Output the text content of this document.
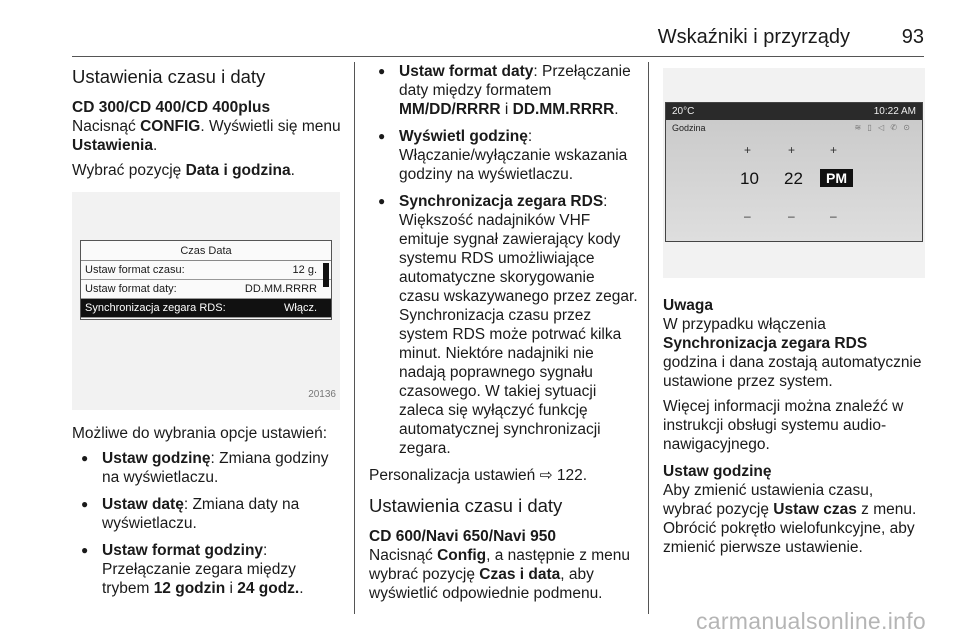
Wskaźniki i przyrządy	93
Ustawienia czasu i daty
CD 300/CD 400/CD 400plus

Nacisnąć CONFIG. Wyświetli się menu Ustawienia.

Wybrać pozycję Data i godzina.

Czas Data
Ustaw format czasu:	12 g.
Ustaw format daty:	DD.MM.RRRR
Synchronizacja zegara RDS:	Włącz.
20136

Możliwe do wybrania opcje ustawień:

● Ustaw godzinę: Zmiana godziny na wyświetlaczu.
● Ustaw datę: Zmiana daty na wyświetlaczu.
● Ustaw format godziny: Przełączanie zegara między trybem 12 godzin i 24 godz..
● Ustaw format daty: Przełączanie daty między formatem MM/DD/RRRR i DD.MM.RRRR.
● Wyświetl godzinę: Włączanie/wyłączanie wskazania godziny na wyświetlaczu.
● Synchronizacja zegara RDS: Większość nadajników VHF emituje sygnał zawierający kody systemu RDS umożliwiające automatyczne skorygowanie czasu wskazywanego przez zegar. Synchronizacja czasu przez system RDS może potrwać kilka minut. Niektóre nadajniki nie nadają poprawnego sygnału czasowego. W takiej sytuacji zaleca się wyłączyć funkcję automatycznej synchronizacji zegara.

Personalizacja ustawień ⇨ 122.

Ustawienia czasu i daty
CD 600/Navi 650/Navi 950

Nacisnąć Config, a następnie z menu wybrać pozycję Czas i data, aby wyświetlić odpowiednie podmenu.

20°C	10:22 AM
Godzina	≋ ▯ ◁ ✆ ⊙
+	+	+
10 22	PM
–	–	–

Uwaga

W przypadku włączenia Synchronizacja zegara RDS godzina i dana zostają automatycznie ustawione przez system.

Więcej informacji można znaleźć w instrukcji obsługi systemu audio-nawigacyjnego.

Ustaw godzinę

Aby zmienić ustawienia czasu, wybrać pozycję Ustaw czas z menu. Obrócić pokrętło wielofunkcyjne, aby zmienić pierwsze ustawienie.

carmanualsonline.info
